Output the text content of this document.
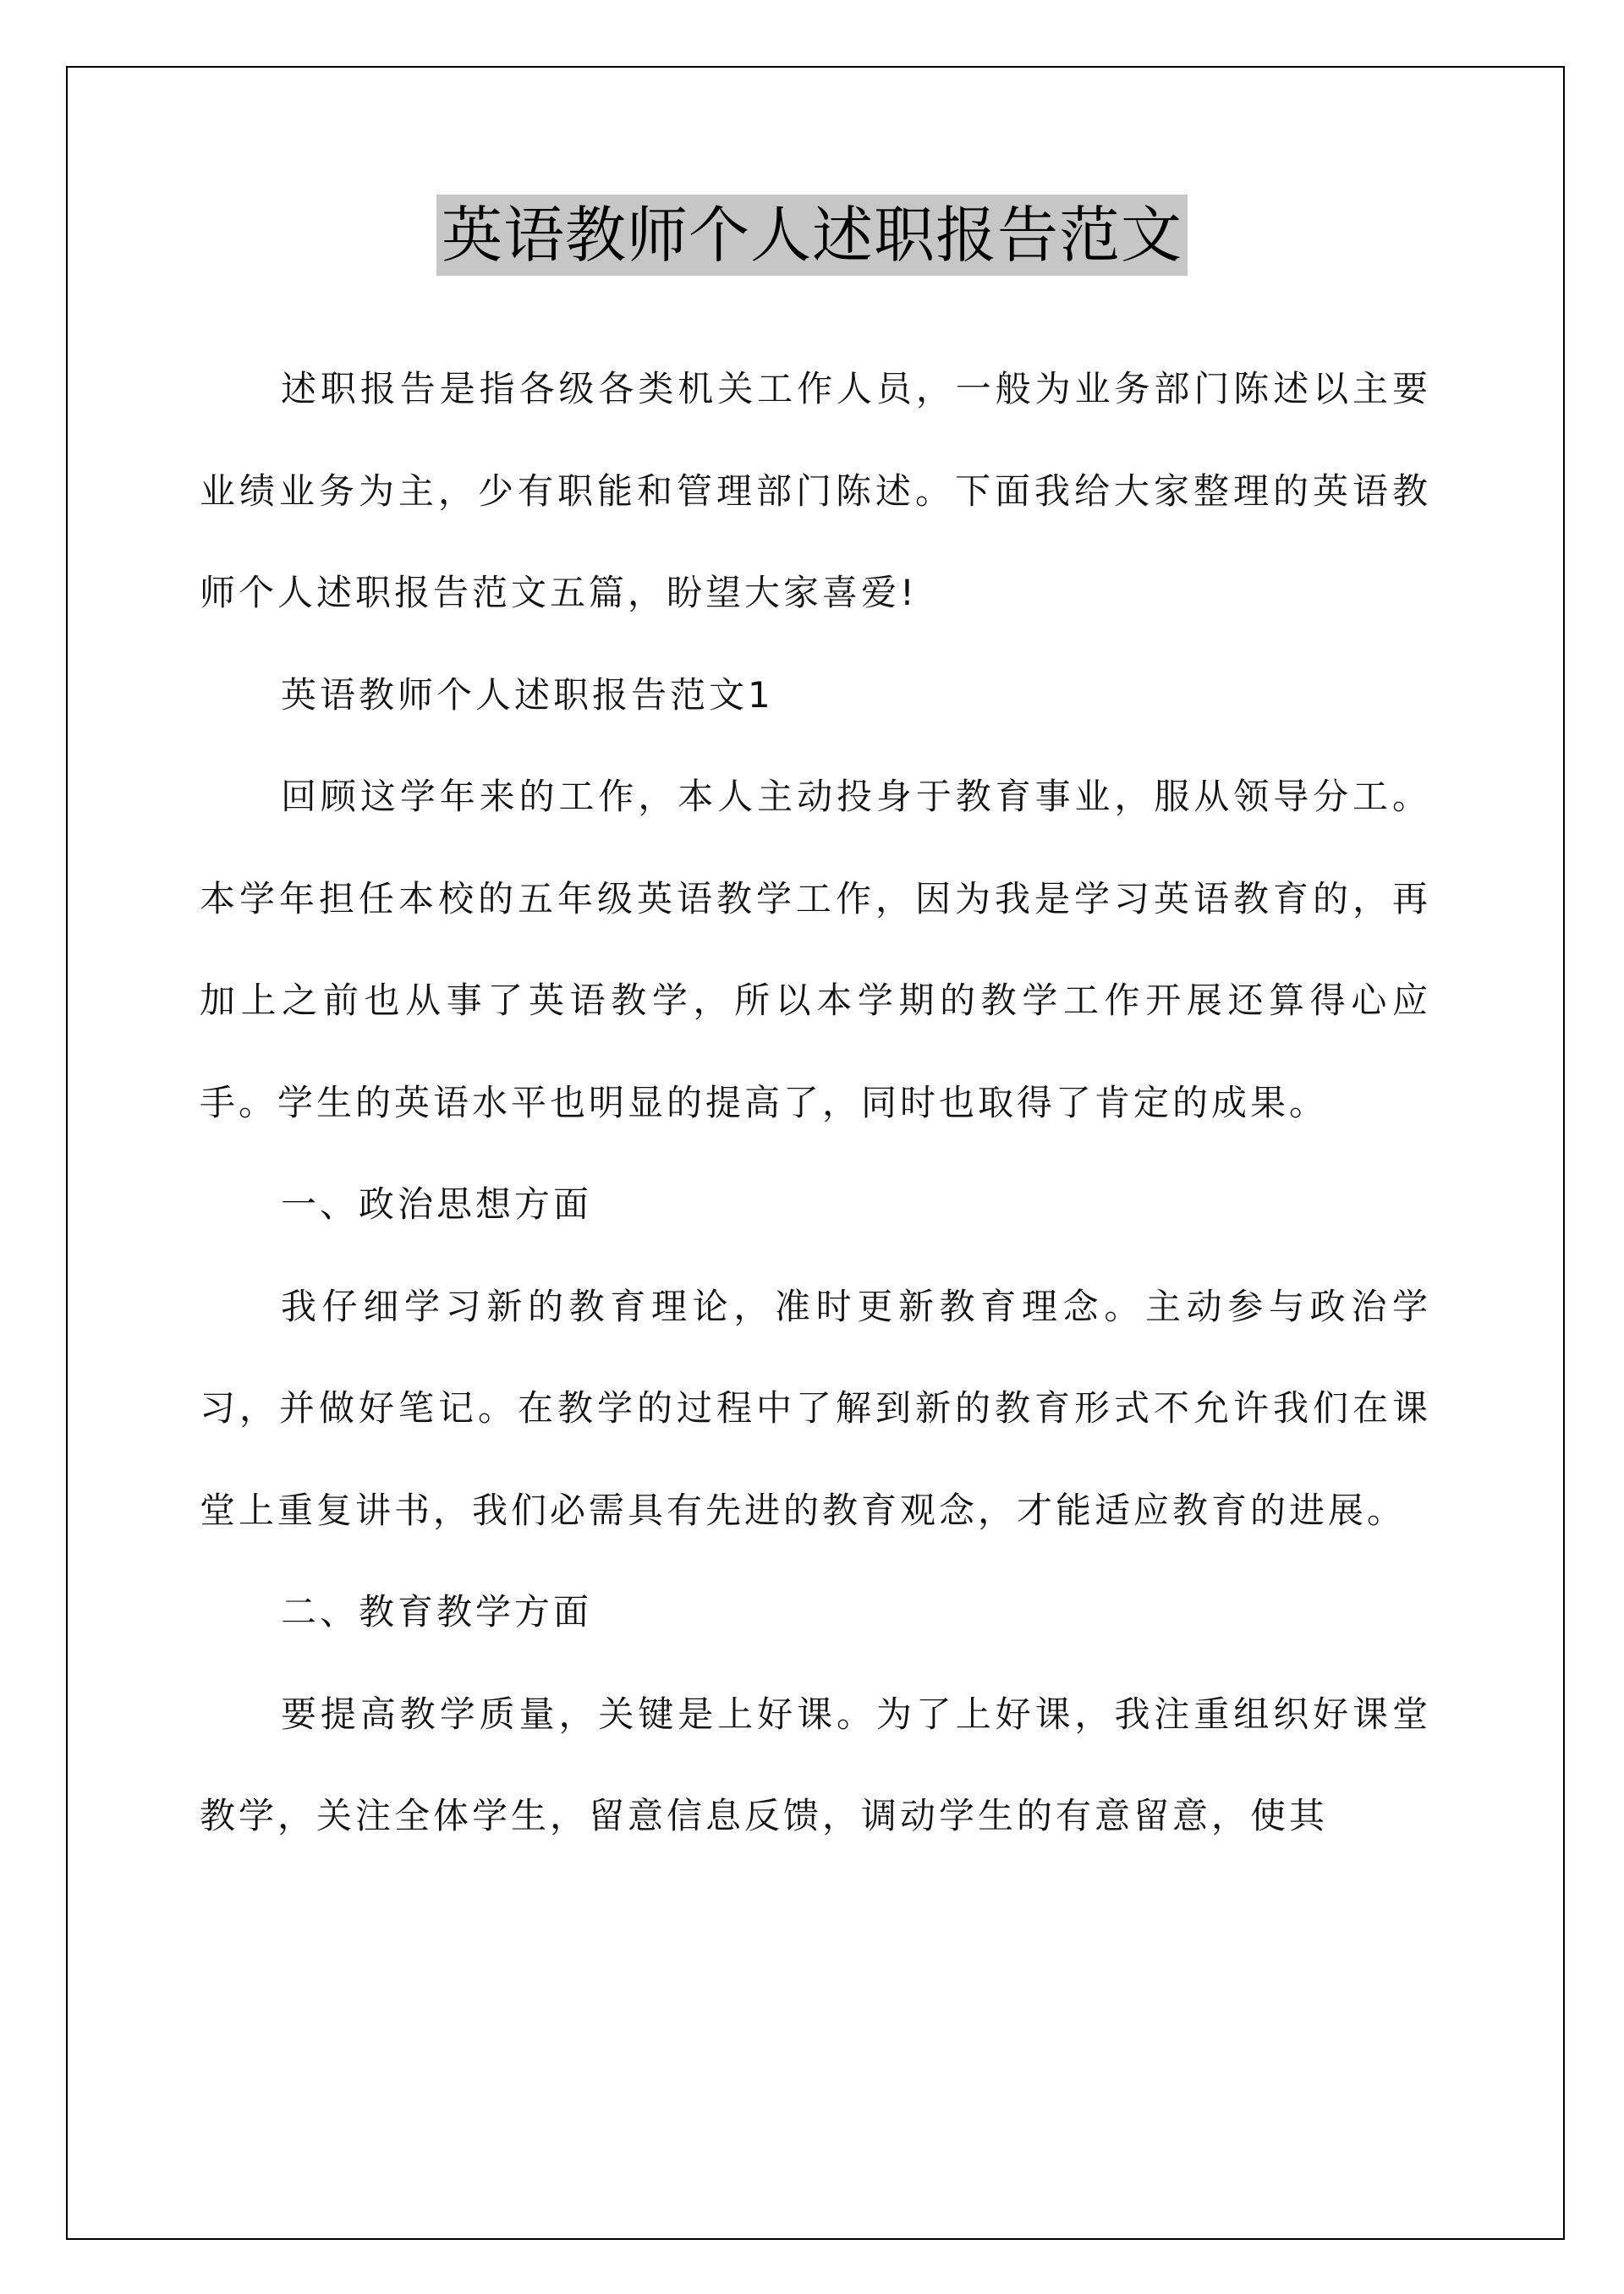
英语教师个人述职报告范文

述职报告是指各级各类机关工作人员，一般为业务部门陈述以主要业绩业务为主，少有职能和管理部门陈述。下面我给大家整理的英语教师个人述职报告范文五篇，盼望大家喜爱!

英语教师个人述职报告范文1

回顾这学年来的工作，本人主动投身于教育事业，服从领导分工。本学年担任本校的五年级英语教学工作，因为我是学习英语教育的，再加上之前也从事了英语教学，所以本学期的教学工作开展还算得心应手。学生的英语水平也明显的提高了，同时也取得了肯定的成果。

一、政治思想方面

我仔细学习新的教育理论，准时更新教育理念。主动参与政治学习，并做好笔记。在教学的过程中了解到新的教育形式不允许我们在课堂上重复讲书，我们必需具有先进的教育观念，才能适应教育的进展。

二、教育教学方面

要提高教学质量，关键是上好课。为了上好课，我注重组织好课堂教学，关注全体学生，留意信息反馈，调动学生的有意留意，使其
